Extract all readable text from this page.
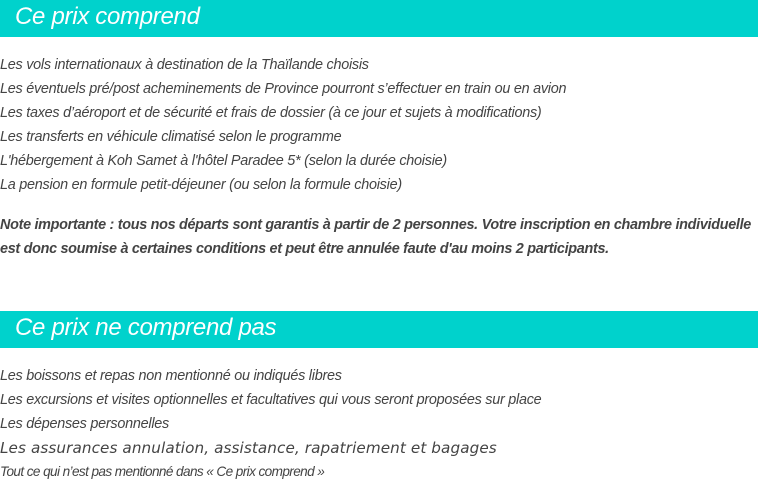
Ce prix comprend
Les vols internationaux à destination de la Thaïlande choisis
Les éventuels pré/post acheminements de Province pourront s’effectuer en train ou en avion
Les taxes d’aéroport et de sécurité et frais de dossier (à ce jour et sujets à modifications)
Les transferts en véhicule climatisé selon le programme
L'hébergement à Koh Samet à l'hôtel Paradee 5* (selon la durée choisie)
La pension en formule petit-déjeuner (ou selon la formule choisie)

Note importante : tous nos départs sont garantis à partir de 2 personnes. Votre inscription en chambre individuelle est donc soumise à certaines conditions et peut être annulée faute d'au moins 2 participants.

Ce prix ne comprend pas
Les boissons et repas non mentionné ou indiqués libres
Les excursions et visites optionnelles et facultatives qui vous seront proposées sur place
Les dépenses personnelles
Les assurances annulation, assistance, rapatriement et bagages
Tout ce qui n’est pas mentionné dans « Ce prix comprend »
